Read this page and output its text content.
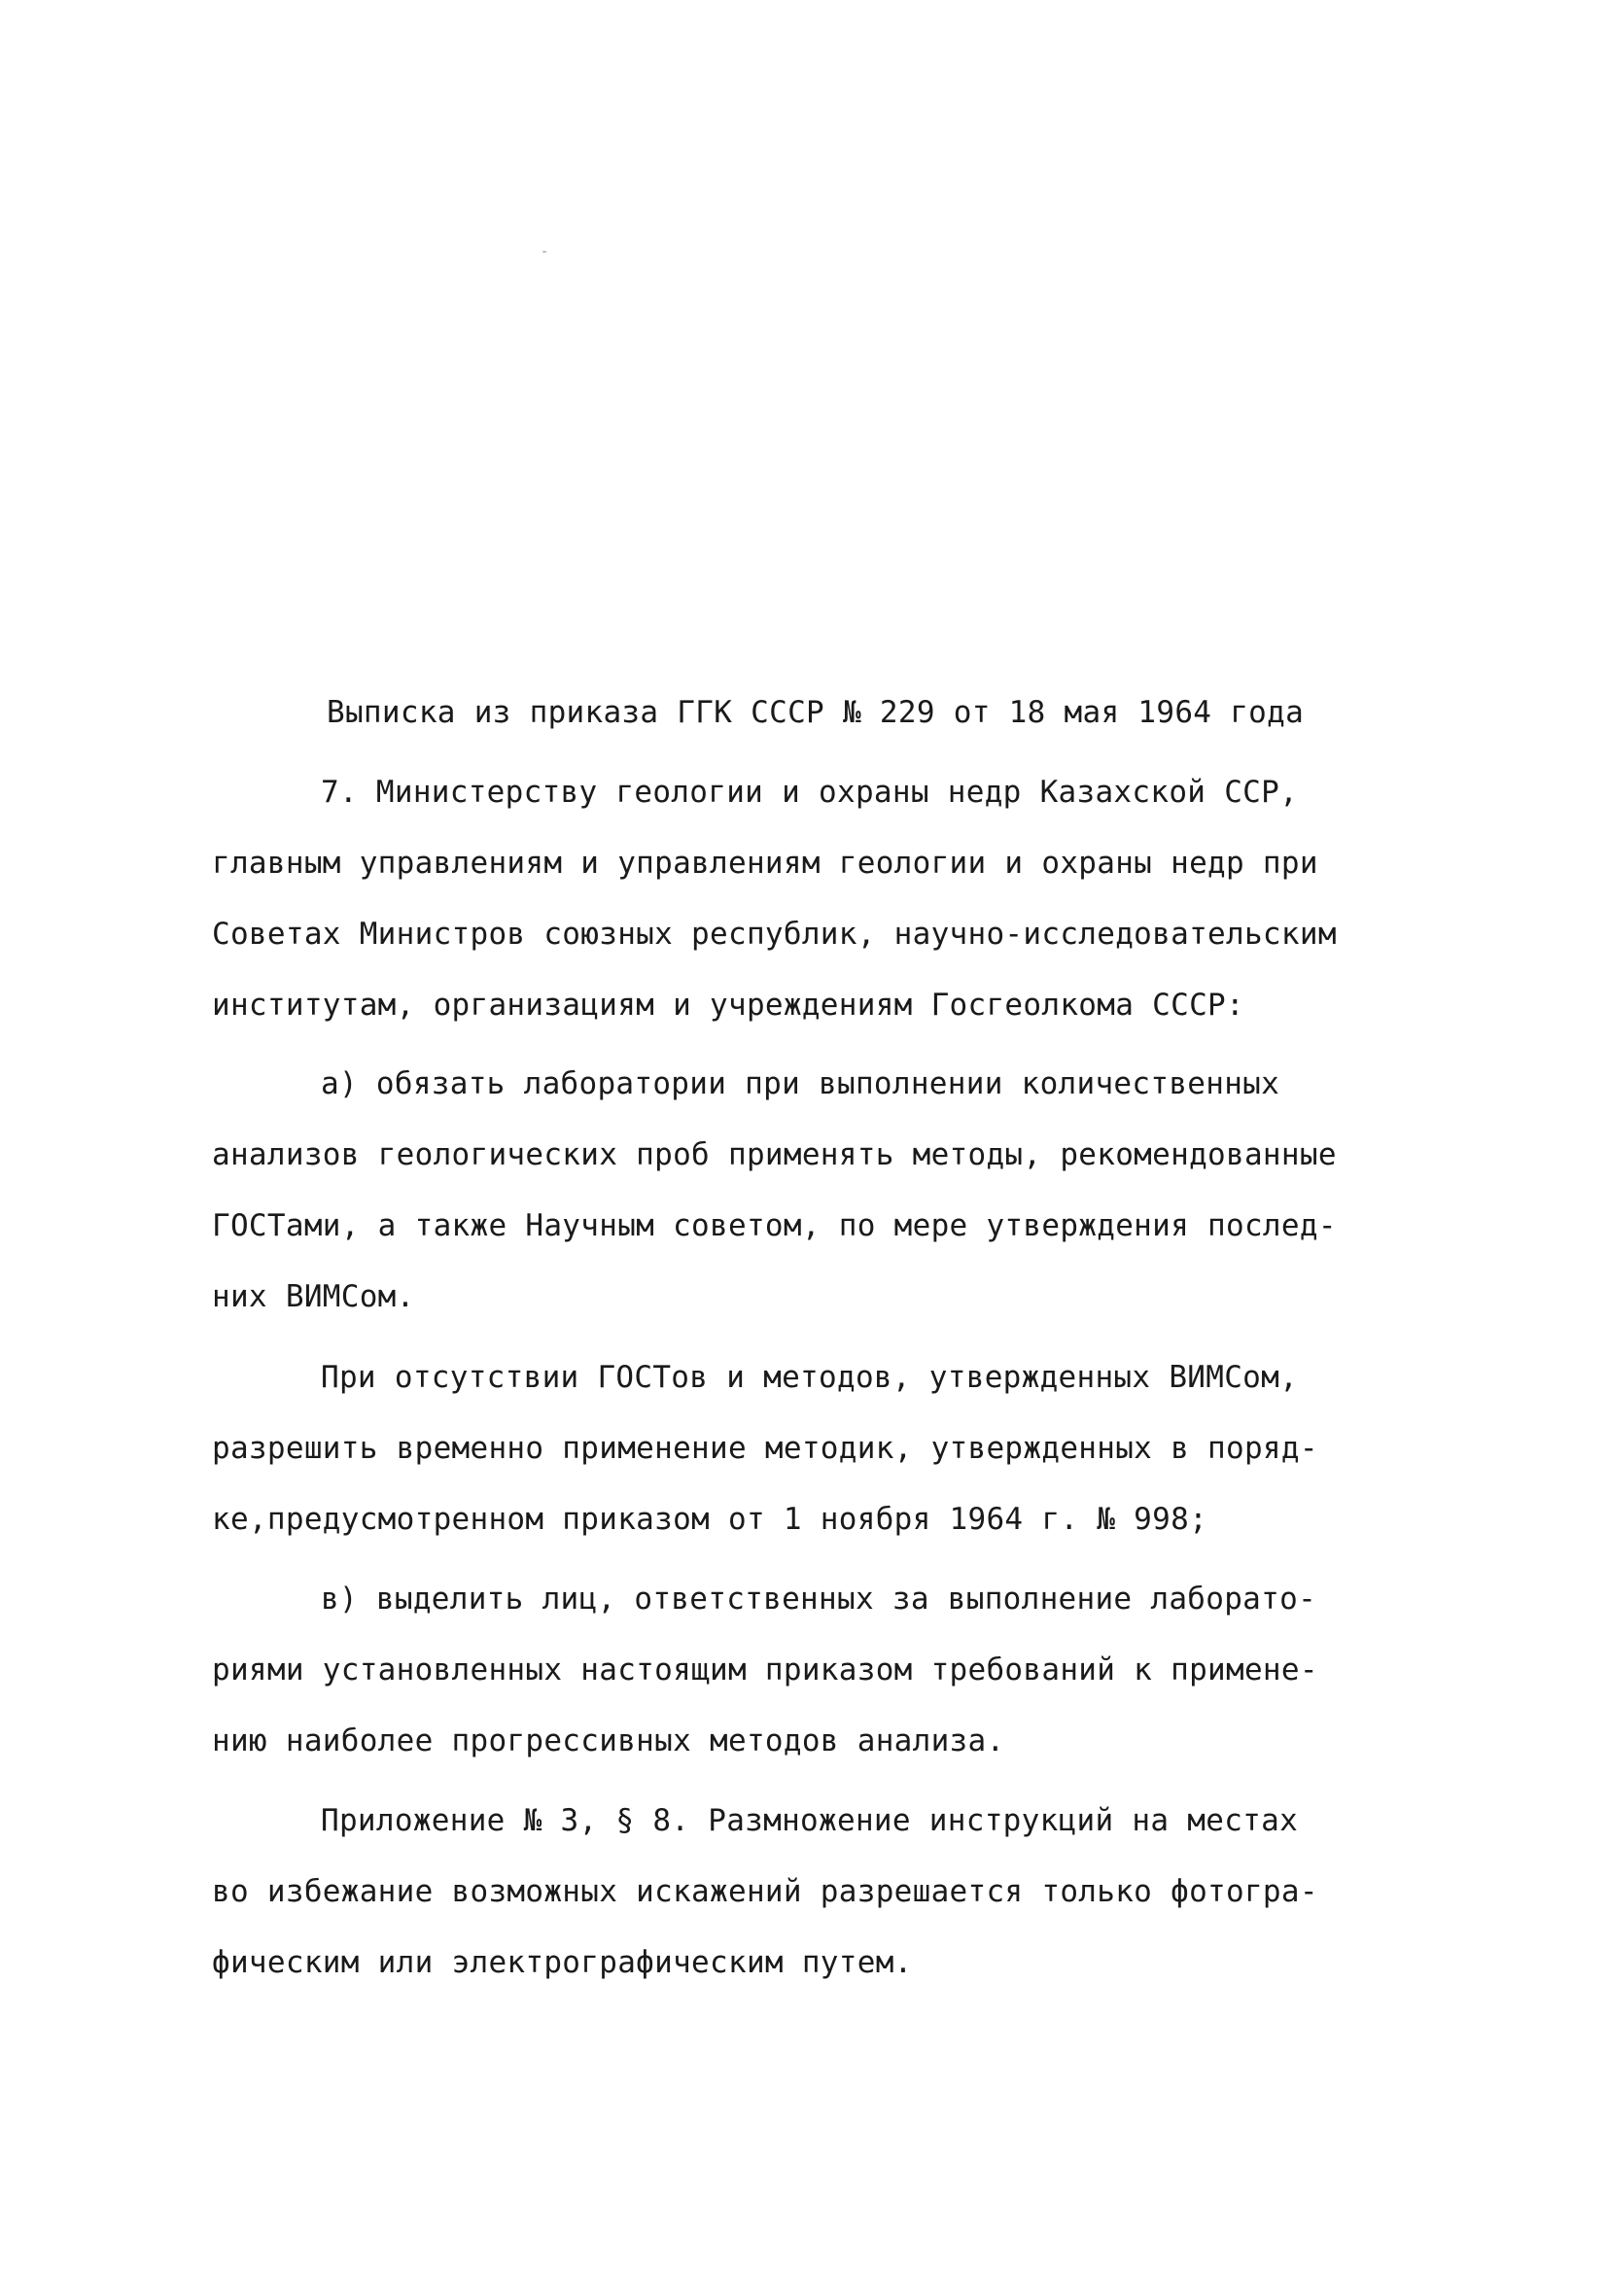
Выписка из приказа ГГК СССР № 229 от 18 мая 1964 года
7. Министерству геологии и охраны недр Казахской ССР,
главным управлениям и управлениям геологии и охраны недр при
Советах Министров союзных республик, научно-исследовательским
институтам, организациям и учреждениям Госгеолкома СССР:
а) обязать лаборатории при выполнении количественных
анализов геологических проб применять методы, рекомендованные
ГОСТами, а также Научным советом, по мере утверждения послед-
них ВИМСом.
При отсутствии ГОСТов и методов, утвержденных ВИМСом,
разрешить временно применение методик, утвержденных в поряд-
ке,предусмотренном приказом от 1 ноября 1964 г. № 998;
в) выделить лиц, ответственных за выполнение лаборато-
риями установленных настоящим приказом требований к примене-
нию наиболее прогрессивных методов анализа.
Приложение № 3, § 8. Размножение инструкций на местах
во избежание возможных искажений разрешается только фотогра-
фическим или электрографическим путем.
